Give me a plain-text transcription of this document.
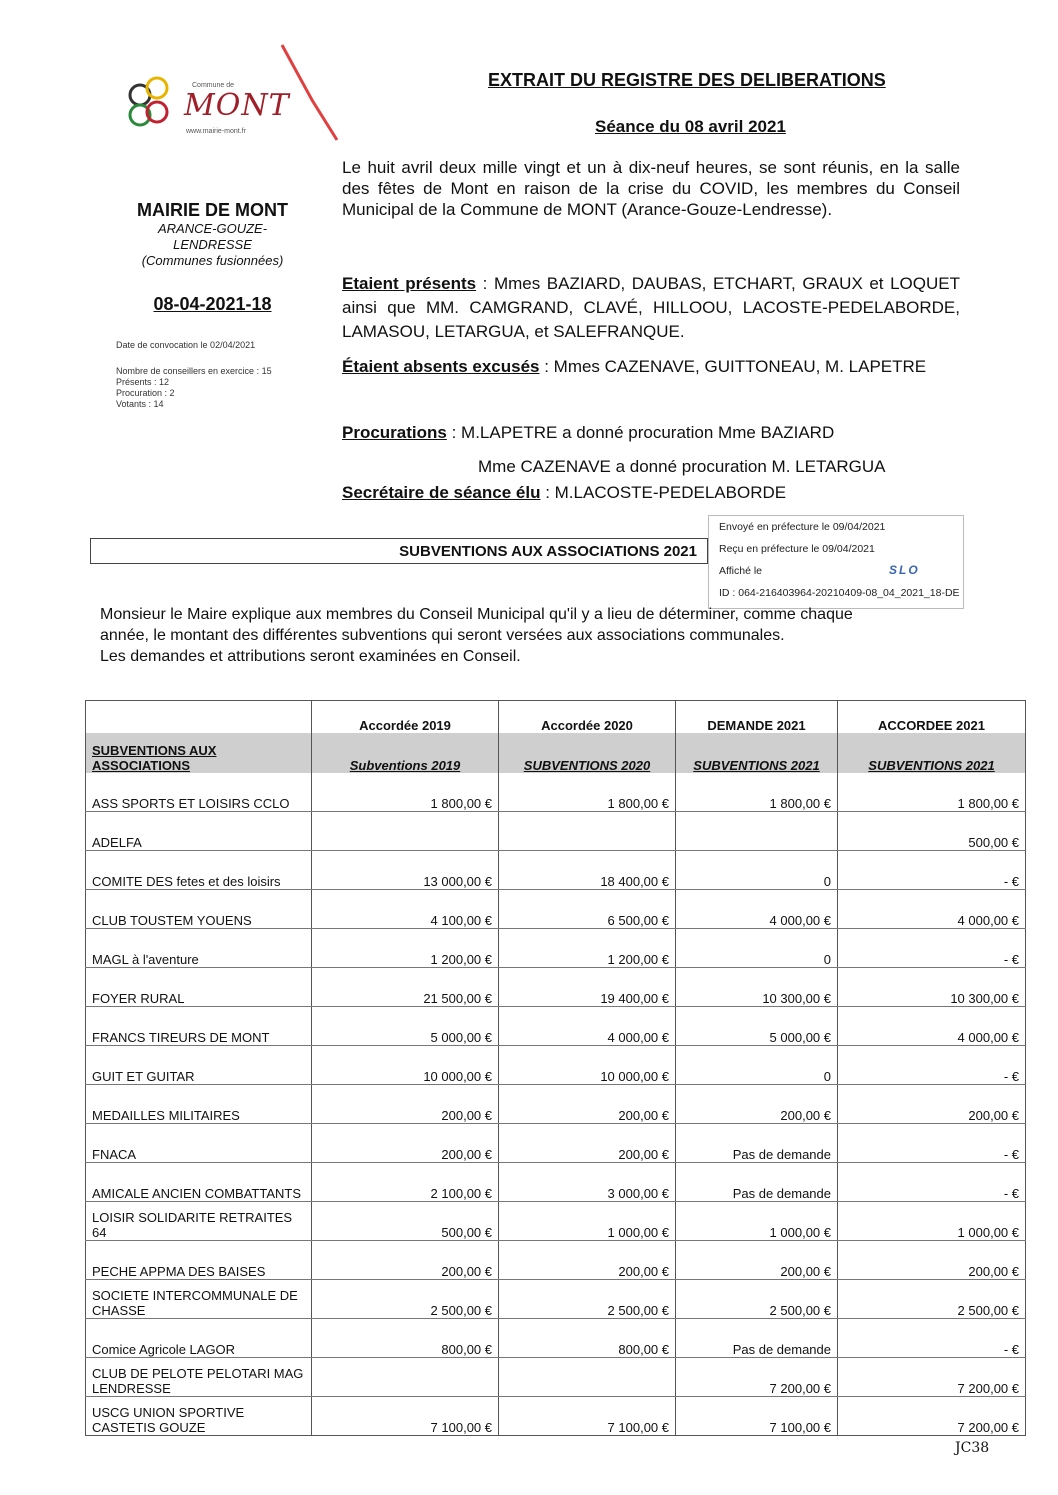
Commune de
MONT
www.mairie-mont.fr
EXTRAIT DU REGISTRE DES DELIBERATIONS
Séance du 08 avril 2021
MAIRIE DE MONT
ARANCE-GOUZE-
LENDRESSE
(Communes fusionnées)
08-04-2021-18
Date de convocation le 02/04/2021
Nombre de conseillers en exercice : 15
Présents : 12
Procuration : 2
Votants : 14
Le huit avril deux mille vingt et un à dix-neuf heures, se sont réunis, en la salle des fêtes de Mont en raison de la crise du COVID, les membres du Conseil Municipal de la Commune de MONT (Arance-Gouze-Lendresse).
Etaient présents : Mmes BAZIARD, DAUBAS, ETCHART, GRAUX et LOQUET ainsi que MM. CAMGRAND, CLAVÉ, HILLOOU, LACOSTE-PEDELABORDE, LAMASOU, LETARGUA, et SALEFRANQUE.
Étaient absents excusés : Mmes CAZENAVE, GUITTONEAU, M. LAPETRE
Procurations : M.LAPETRE a donné procuration Mme BAZIARD
Mme CAZENAVE a donné procuration M. LETARGUA
Secrétaire de séance élu : M.LACOSTE-PEDELABORDE
SUBVENTIONS AUX ASSOCIATIONS 2021
Envoyé en préfecture le 09/04/2021
Reçu en préfecture le 09/04/2021
Affiché le	SLO
ID : 064-216403964-20210409-08_04_2021_18-DE
Monsieur le Maire explique aux membres du Conseil Municipal qu'il y a lieu de déterminer, comme chaque
année, le montant des différentes subventions qui seront versées aux associations communales.
Les demandes et attributions seront examinées en Conseil.
	Accordée 2019	Accordée 2020	DEMANDE 2021	ACCORDEE 2021
SUBVENTIONS AUX ASSOCIATIONS	Subventions 2019	SUBVENTIONS 2020	SUBVENTIONS 2021	SUBVENTIONS 2021
ASS SPORTS ET LOISIRS CCLO	1 800,00 €	1 800,00 €	1 800,00 €	1 800,00 €
ADELFA				500,00 €
COMITE DES fetes et des loisirs	13 000,00 €	18 400,00 €	0	- €
CLUB TOUSTEM YOUENS	4 100,00 €	6 500,00 €	4 000,00 €	4 000,00 €
MAGL à l'aventure	1 200,00 €	1 200,00 €	0	- €
FOYER RURAL	21 500,00 €	19 400,00 €	10 300,00 €	10 300,00 €
FRANCS TIREURS DE MONT	5 000,00 €	4 000,00 €	5 000,00 €	4 000,00 €
GUIT ET GUITAR	10 000,00 €	10 000,00 €	0	- €
MEDAILLES MILITAIRES	200,00 €	200,00 €	200,00 €	200,00 €
FNACA	200,00 €	200,00 €	Pas de demande	- €
AMICALE ANCIEN COMBATTANTS	2 100,00 €	3 000,00 €	Pas de demande	- €
LOISIR SOLIDARITE RETRAITES 64	500,00 €	1 000,00 €	1 000,00 €	1 000,00 €
PECHE APPMA DES BAISES	200,00 €	200,00 €	200,00 €	200,00 €
SOCIETE INTERCOMMUNALE DE CHASSE	2 500,00 €	2 500,00 €	2 500,00 €	2 500,00 €
Comice Agricole LAGOR	800,00 €	800,00 €	Pas de demande	- €
CLUB DE PELOTE PELOTARI MAG LENDRESSE			7 200,00 €	7 200,00 €
USCG UNION SPORTIVE CASTETIS GOUZE	7 100,00 €	7 100,00 €	7 100,00 €	7 200,00 €
JC38
